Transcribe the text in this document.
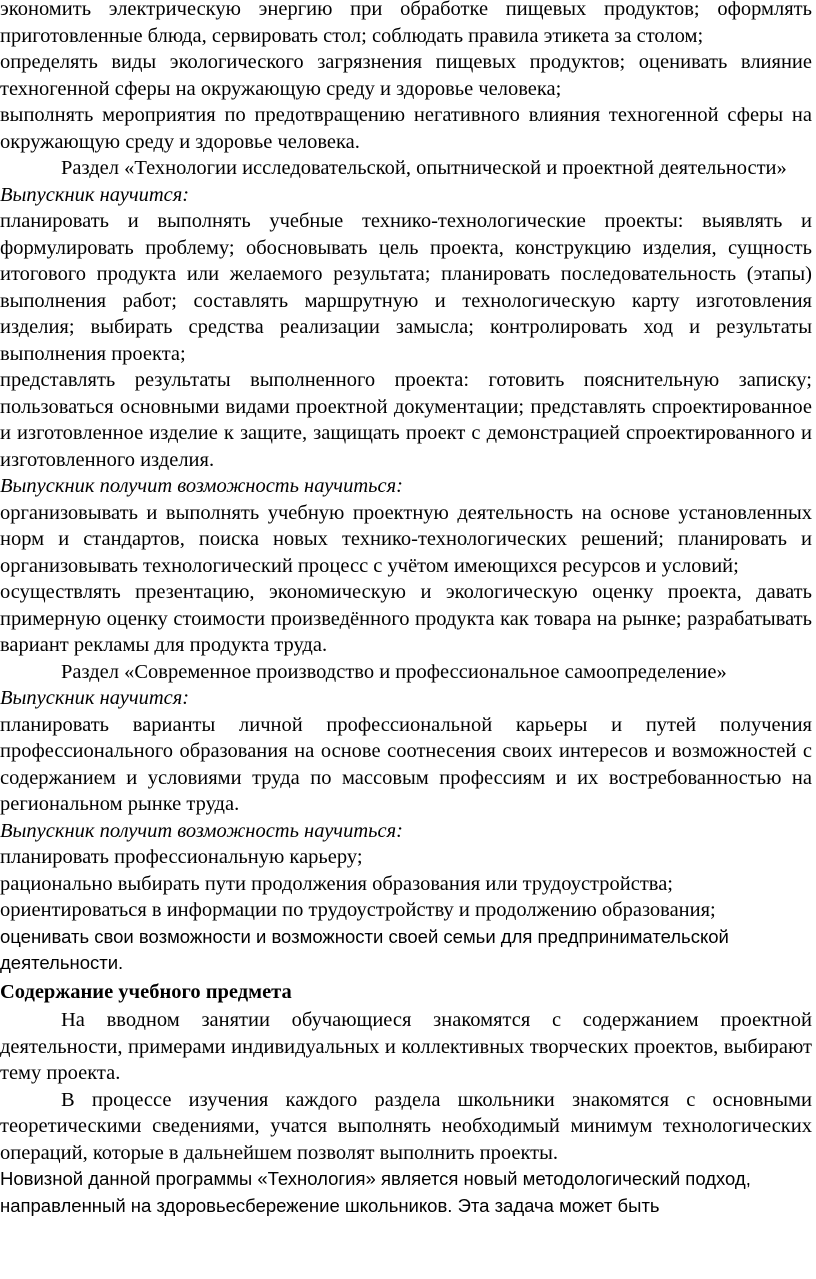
экономить электрическую энергию при обработке пищевых продуктов; оформлять приготовленные блюда, сервировать стол; соблюдать правила этикета за столом;

определять виды экологического загрязнения пищевых продуктов; оценивать влияние техногенной сферы на окружающую среду и здоровье человека;

выполнять мероприятия по предотвращению негативного влияния техногенной сферы на окружающую среду и здоровье человека.

Раздел «Технологии исследовательской, опытнической и проектной деятельности»

Выпускник научится:

планировать и выполнять учебные технико-технологические проекты: выявлять и формулировать проблему; обосновывать цель проекта, конструкцию изделия, сущность итогового продукта или желаемого результата; планировать последовательность (этапы) выполнения работ; составлять маршрутную и технологическую карту изготовления изделия; выбирать средства реализации замысла; контролировать ход и результаты выполнения проекта;

представлять результаты выполненного проекта: готовить пояснительную записку; пользоваться основными видами проектной документации; представлять спроектированное и изготовленное изделие к защите, защищать проект с демонстрацией спроектированного и изготовленного изделия.

Выпускник получит возможность научиться:

организовывать и выполнять учебную проектную деятельность на основе установленных норм и стандартов, поиска новых технико-технологических решений; планировать и организовывать технологический процесс с учётом имеющихся ресурсов и условий;

осуществлять презентацию, экономическую и экологическую оценку проекта, давать примерную оценку стоимости произведённого продукта как товара на рынке; разрабатывать вариант рекламы для продукта труда.

Раздел «Современное производство и профессиональное самоопределение»

Выпускник научится:

планировать варианты личной профессиональной карьеры и путей получения профессионального образования на основе соотнесения своих интересов и возможностей с содержанием и условиями труда по массовым профессиям и их востребованностью на региональном рынке труда.

Выпускник получит возможность научиться:

планировать профессиональную карьеру;

рационально выбирать пути продолжения образования или трудоустройства;

ориентироваться в информации по трудоустройству и продолжению образования;

оценивать свои возможности и возможности своей семьи для предпринимательской деятельности.

Содержание учебного предмета

На вводном занятии обучающиеся знакомятся с содержанием проектной деятельности, примерами индивидуальных и коллективных творческих проектов, выбирают тему проекта.

В процессе изучения каждого раздела школьники знакомятся с основными теоретическими сведениями, учатся выполнять необходимый минимум технологических операций, которые в дальнейшем позволят выполнить проекты.

Новизной данной программы «Технология» является новый методологический подход, направленный на здоровьесбережение школьников. Эта задача может быть
